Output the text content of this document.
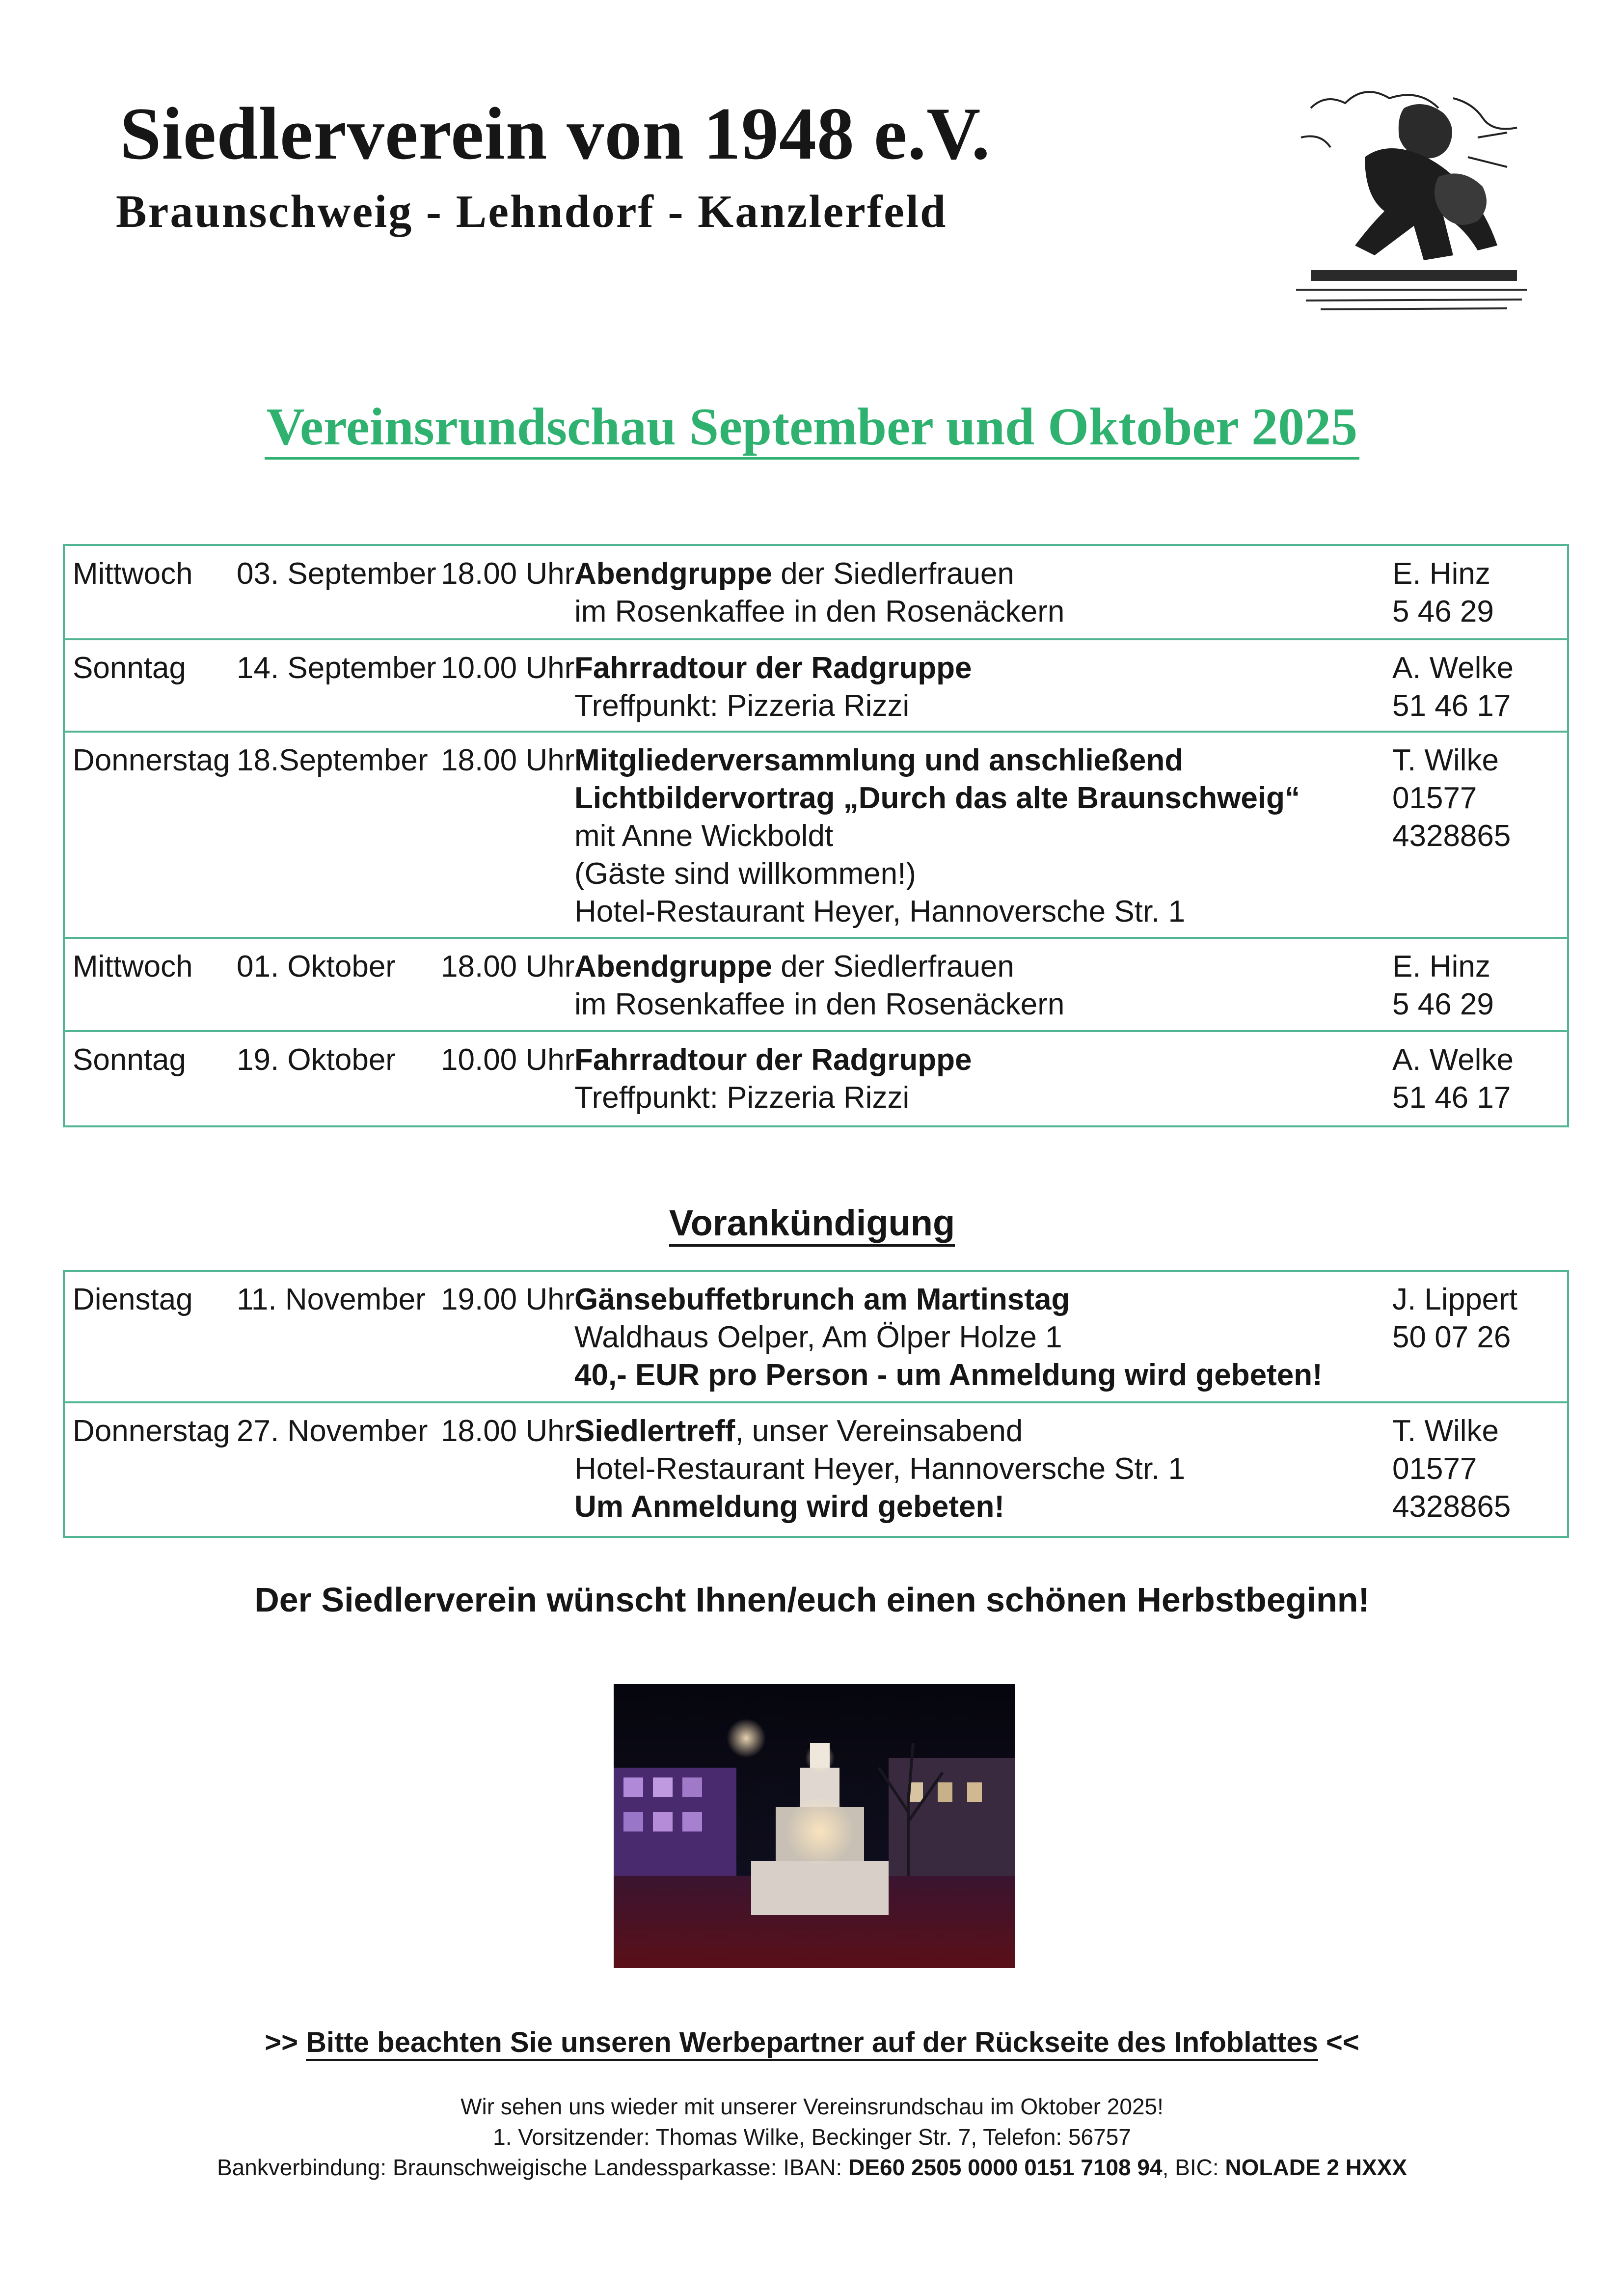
Siedlerverein von 1948 e.V.
Braunschweig - Lehndorf - Kanzlerfeld
Vereinsrundschau September und Oktober 2025
Mittwoch 03. September 18.00 Uhr Abendgruppe der Siedlerfrauen
im Rosenkaffee in den Rosenäckern
E. Hinz
5 46 29
Sonntag 14. September 10.00 Uhr Fahrradtour der Radgruppe
Treffpunkt: Pizzeria Rizzi
A. Welke
51 46 17
Donnerstag 18.September 18.00 Uhr Mitgliederversammlung und anschließend
Lichtbildervortrag „Durch das alte Braunschweig“
mit Anne Wickboldt
(Gäste sind willkommen!)
Hotel-Restaurant Heyer, Hannoversche Str. 1
T. Wilke
01577
4328865
Mittwoch 01. Oktober 18.00 Uhr Abendgruppe der Siedlerfrauen
im Rosenkaffee in den Rosenäckern
E. Hinz
5 46 29
Sonntag 19. Oktober 10.00 Uhr Fahrradtour der Radgruppe
Treffpunkt: Pizzeria Rizzi
A. Welke
51 46 17
Vorankündigung
Dienstag 11. November 19.00 Uhr Gänsebuffetbrunch am Martinstag
Waldhaus Oelper, Am Ölper Holze 1
40,- EUR pro Person - um Anmeldung wird gebeten!
J. Lippert
50 07 26
Donnerstag 27. November 18.00 Uhr Siedlertreff, unser Vereinsabend
Hotel-Restaurant Heyer, Hannoversche Str. 1
Um Anmeldung wird gebeten!
T. Wilke
01577
4328865
Der Siedlerverein wünscht Ihnen/euch einen schönen Herbstbeginn!
>> Bitte beachten Sie unseren Werbepartner auf der Rückseite des Infoblattes <<
Wir sehen uns wieder mit unserer Vereinsrundschau im Oktober 2025!
1. Vorsitzender: Thomas Wilke, Beckinger Str. 7, Telefon: 56757
Bankverbindung: Braunschweigische Landessparkasse: IBAN: DE60 2505 0000 0151 7108 94, BIC: NOLADE 2 HXXX
